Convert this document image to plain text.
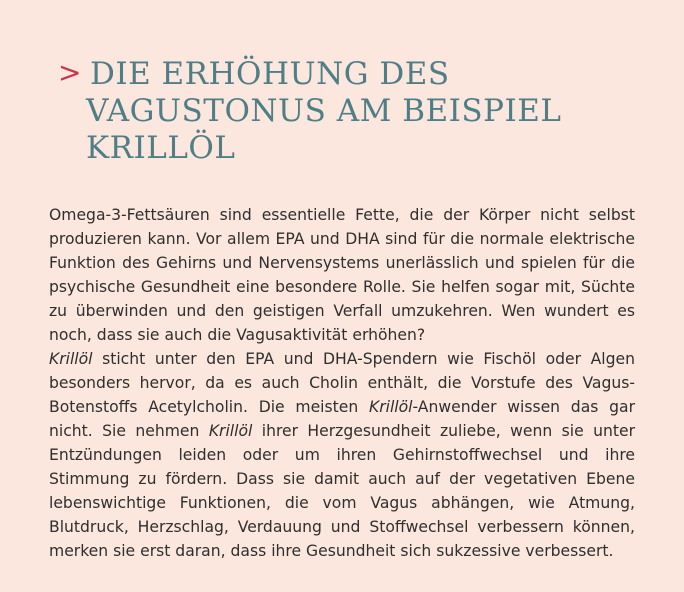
> DIE ERHÖHUNG DES
VAGUSTONUS AM BEISPIEL
KRILLÖL

Omega-3-Fettsäuren sind essentielle Fette, die der Körper nicht selbst produzieren kann. Vor allem EPA und DHA sind für die normale elektrische Funktion des Gehirns und Nervensystems unerlässlich und spielen für die psychische Gesundheit eine besondere Rolle. Sie helfen sogar mit, Süchte zu überwinden und den geistigen Verfall umzukehren. Wen wundert es noch, dass sie auch die Vagusaktivität erhöhen?

Krillöl sticht unter den EPA und DHA-Spendern wie Fischöl oder Algen besonders hervor, da es auch Cholin enthält, die Vorstufe des Vagus-Botenstoffs Acetylcholin. Die meisten Krillöl-Anwender wissen das gar nicht. Sie nehmen Krillöl ihrer Herzgesundheit zuliebe, wenn sie unter Entzündungen leiden oder um ihren Gehirnstoffwechsel und ihre Stimmung zu fördern. Dass sie damit auch auf der vegetativen Ebene lebenswichtige Funktionen, die vom Vagus abhängen, wie Atmung, Blutdruck, Herzschlag, Verdauung und Stoffwechsel verbessern können, merken sie erst daran, dass ihre Gesundheit sich sukzessive verbessert.
